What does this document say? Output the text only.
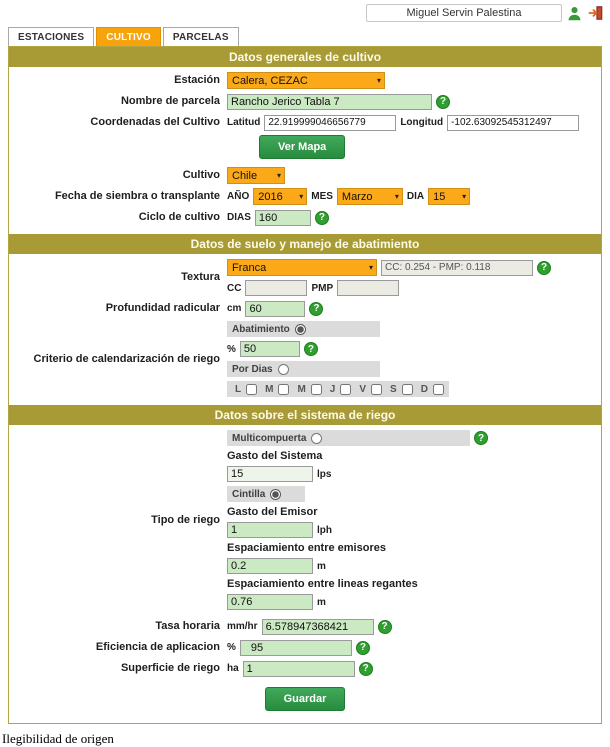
Miguel Servin Palestina
ESTACIONES	CULTIVO	PARCELAS
Datos generales de cultivo
Estación	Calera, CEZAC	▾
Nombre de parcela
Rancho Jerico Tabla 7	?
Coordenadas del Cultivo Latitud
22.919999046656779	Longitud
-102.63092545312497
Ver Mapa
Cultivo	Chile	▾
Fecha de siembra o transplante AÑO 2016	▾ MES Marzo	▾ DIA 15	▾
Ciclo de cultivo DIAS
160	?
Datos de suelo y manejo de abatimiento
Textura
Franca	▾
CC: 0.254 - PMP: 0.118	?
CC	PMP
Profundidad radicular cm
60	?
Criterio de calendarización de riego
Abatimiento
%
50	?
Por Dias
L M M J V S D
Datos sobre el sistema de riego
Tipo de riego
Multicompuerta	?
Gasto del Sistema
15
lps
Cintilla
Gasto del Emisor
1
lph
Espaciamiento entre emisores
0.2
m
Espaciamiento entre lineas regantes
0.76
m
Tasa horaria mm/hr
6.578947368421	?
Eficiencia de aplicacion %
95	?
Superficie de riego ha
1	?
Guardar
Ilegibilidad de origen
